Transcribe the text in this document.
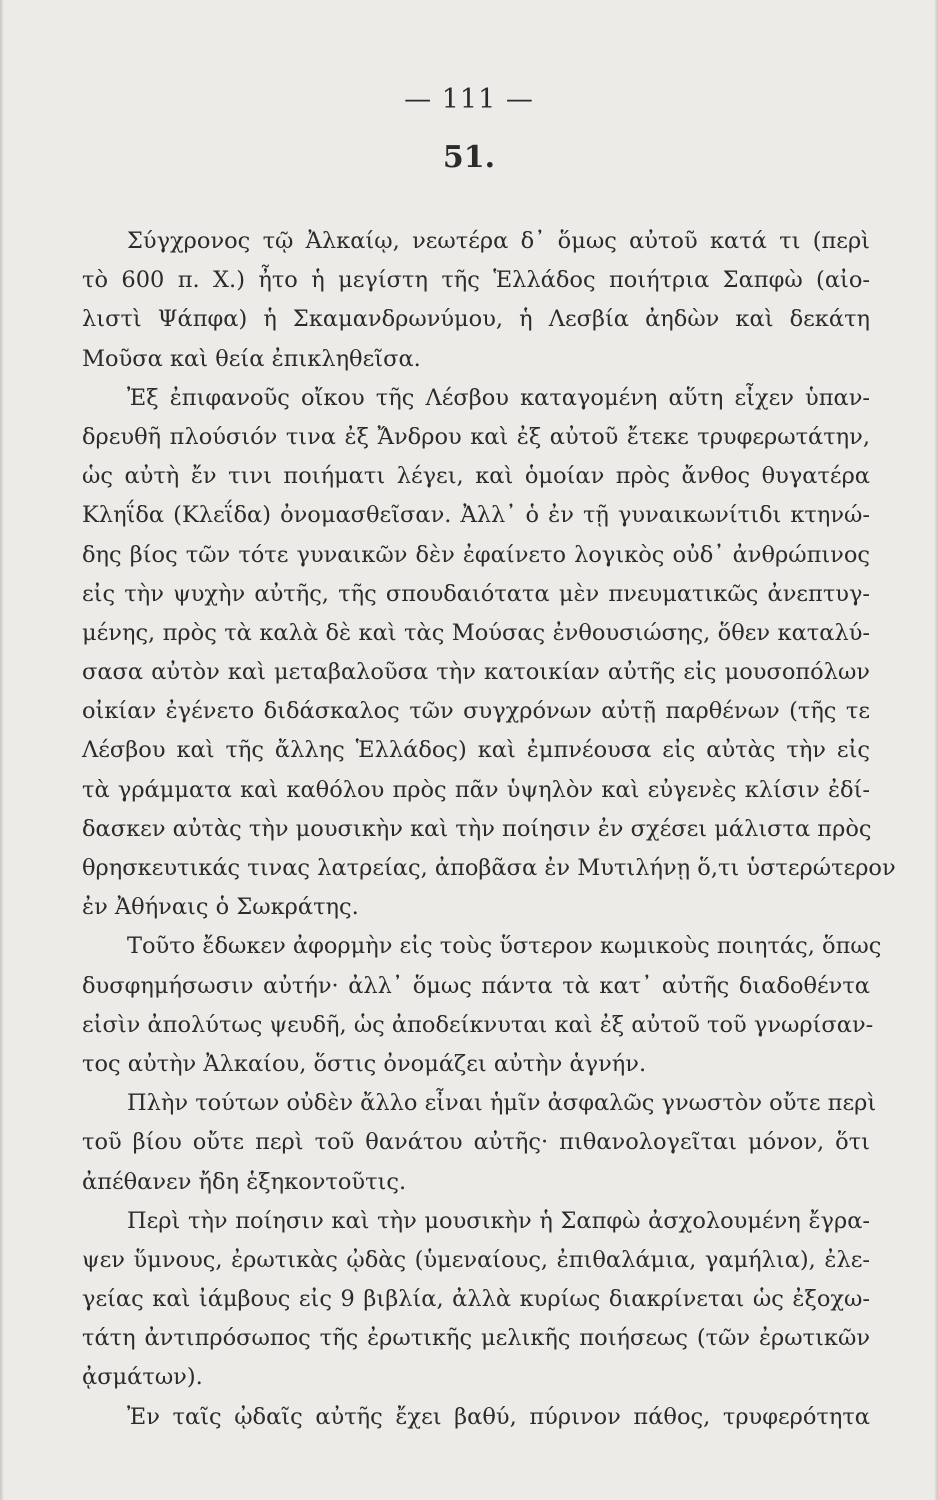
— 111 —
51.
Σύγχρονος τῷ Ἀλκαίῳ, νεωτέρα δ᾽ ὅμως αὐτοῦ κατά τι (περὶ
τὸ 600 π. Χ.) ἦτο ἡ μεγίστη τῆς Ἑλλάδος ποιήτρια Σαπφὼ (αἰο-
λιστὶ Ψάπφα) ἡ Σκαμανδρωνύμου, ἡ Λεσβία ἀηδὼν καὶ δεκάτη
Μοῦσα καὶ θεία ἐπικληθεῖσα.
Ἐξ ἐπιφανοῦς οἴκου τῆς Λέσβου καταγομένη αὕτη εἶχεν ὑπαν-
δρευθῆ πλούσιόν τινα ἐξ Ἄνδρου καὶ ἐξ αὐτοῦ ἔτεκε τρυφερωτάτην,
ὡς αὐτὴ ἔν τινι ποιήματι λέγει, καὶ ὁμοίαν πρὸς ἄνθος θυγατέρα
Κληΐδα (Κλεΐδα) ὀνομασθεῖσαν. Ἀλλ᾽ ὁ ἐν τῇ γυναικωνίτιδι κτηνώ-
δης βίος τῶν τότε γυναικῶν δὲν ἐφαίνετο λογικὸς οὐδ᾽ ἀνθρώπινος
εἰς τὴν ψυχὴν αὐτῆς, τῆς σπουδαιότατα μὲν πνευματικῶς ἀνεπτυγ-
μένης, πρὸς τὰ καλὰ δὲ καὶ τὰς Μούσας ἐνθουσιώσης, ὅθεν καταλύ-
σασα αὐτὸν καὶ μεταβαλοῦσα τὴν κατοικίαν αὐτῆς εἰς μουσοπόλων
οἰκίαν ἐγένετο διδάσκαλος τῶν συγχρόνων αὐτῇ παρθένων (τῆς τε
Λέσβου καὶ τῆς ἄλλης Ἑλλάδος) καὶ ἐμπνέουσα εἰς αὐτὰς τὴν εἰς
τὰ γράμματα καὶ καθόλου πρὸς πᾶν ὑψηλὸν καὶ εὐγενὲς κλίσιν ἐδί-
δασκεν αὐτὰς τὴν μουσικὴν καὶ τὴν ποίησιν ἐν σχέσει μάλιστα πρὸς
θρησκευτικάς τινας λατρείας, ἀποβᾶσα ἐν Μυτιλήνῃ ὅ,τι ὑστερώτερον
ἐν Ἀθήναις ὁ Σωκράτης.
Τοῦτο ἔδωκεν ἀφορμὴν εἰς τοὺς ὕστερον κωμικοὺς ποιητάς, ὅπως
δυσφημήσωσιν αὐτήν· ἀλλ᾽ ὅμως πάντα τὰ κατ᾽ αὐτῆς διαδοθέντα
εἰσὶν ἀπολύτως ψευδῆ, ὡς ἀποδείκνυται καὶ ἐξ αὐτοῦ τοῦ γνωρίσαν-
τος αὐτὴν Ἀλκαίου, ὅστις ὀνομάζει αὐτὴν ἁγνήν.
Πλὴν τούτων οὐδὲν ἄλλο εἶναι ἡμῖν ἀσφαλῶς γνωστὸν οὔτε περὶ
τοῦ βίου οὔτε περὶ τοῦ θανάτου αὐτῆς· πιθανολογεῖται μόνον, ὅτι
ἀπέθανεν ἤδη ἑξηκοντοῦτις.
Περὶ τὴν ποίησιν καὶ τὴν μουσικὴν ἡ Σαπφὼ ἀσχολουμένη ἔγρα-
ψεν ὕμνους, ἐρωτικὰς ᾠδὰς (ὑμεναίους, ἐπιθαλάμια, γαμήλια), ἐλε-
γείας καὶ ἰάμβους εἰς 9 βιβλία, ἀλλὰ κυρίως διακρίνεται ὡς ἐξοχω-
τάτη ἀντιπρόσωπος τῆς ἐρωτικῆς μελικῆς ποιήσεως (τῶν ἐρωτικῶν
ᾀσμάτων).
Ἐν ταῖς ᾠδαῖς αὐτῆς ἔχει βαθύ, πύρινον πάθος, τρυφερότητα
